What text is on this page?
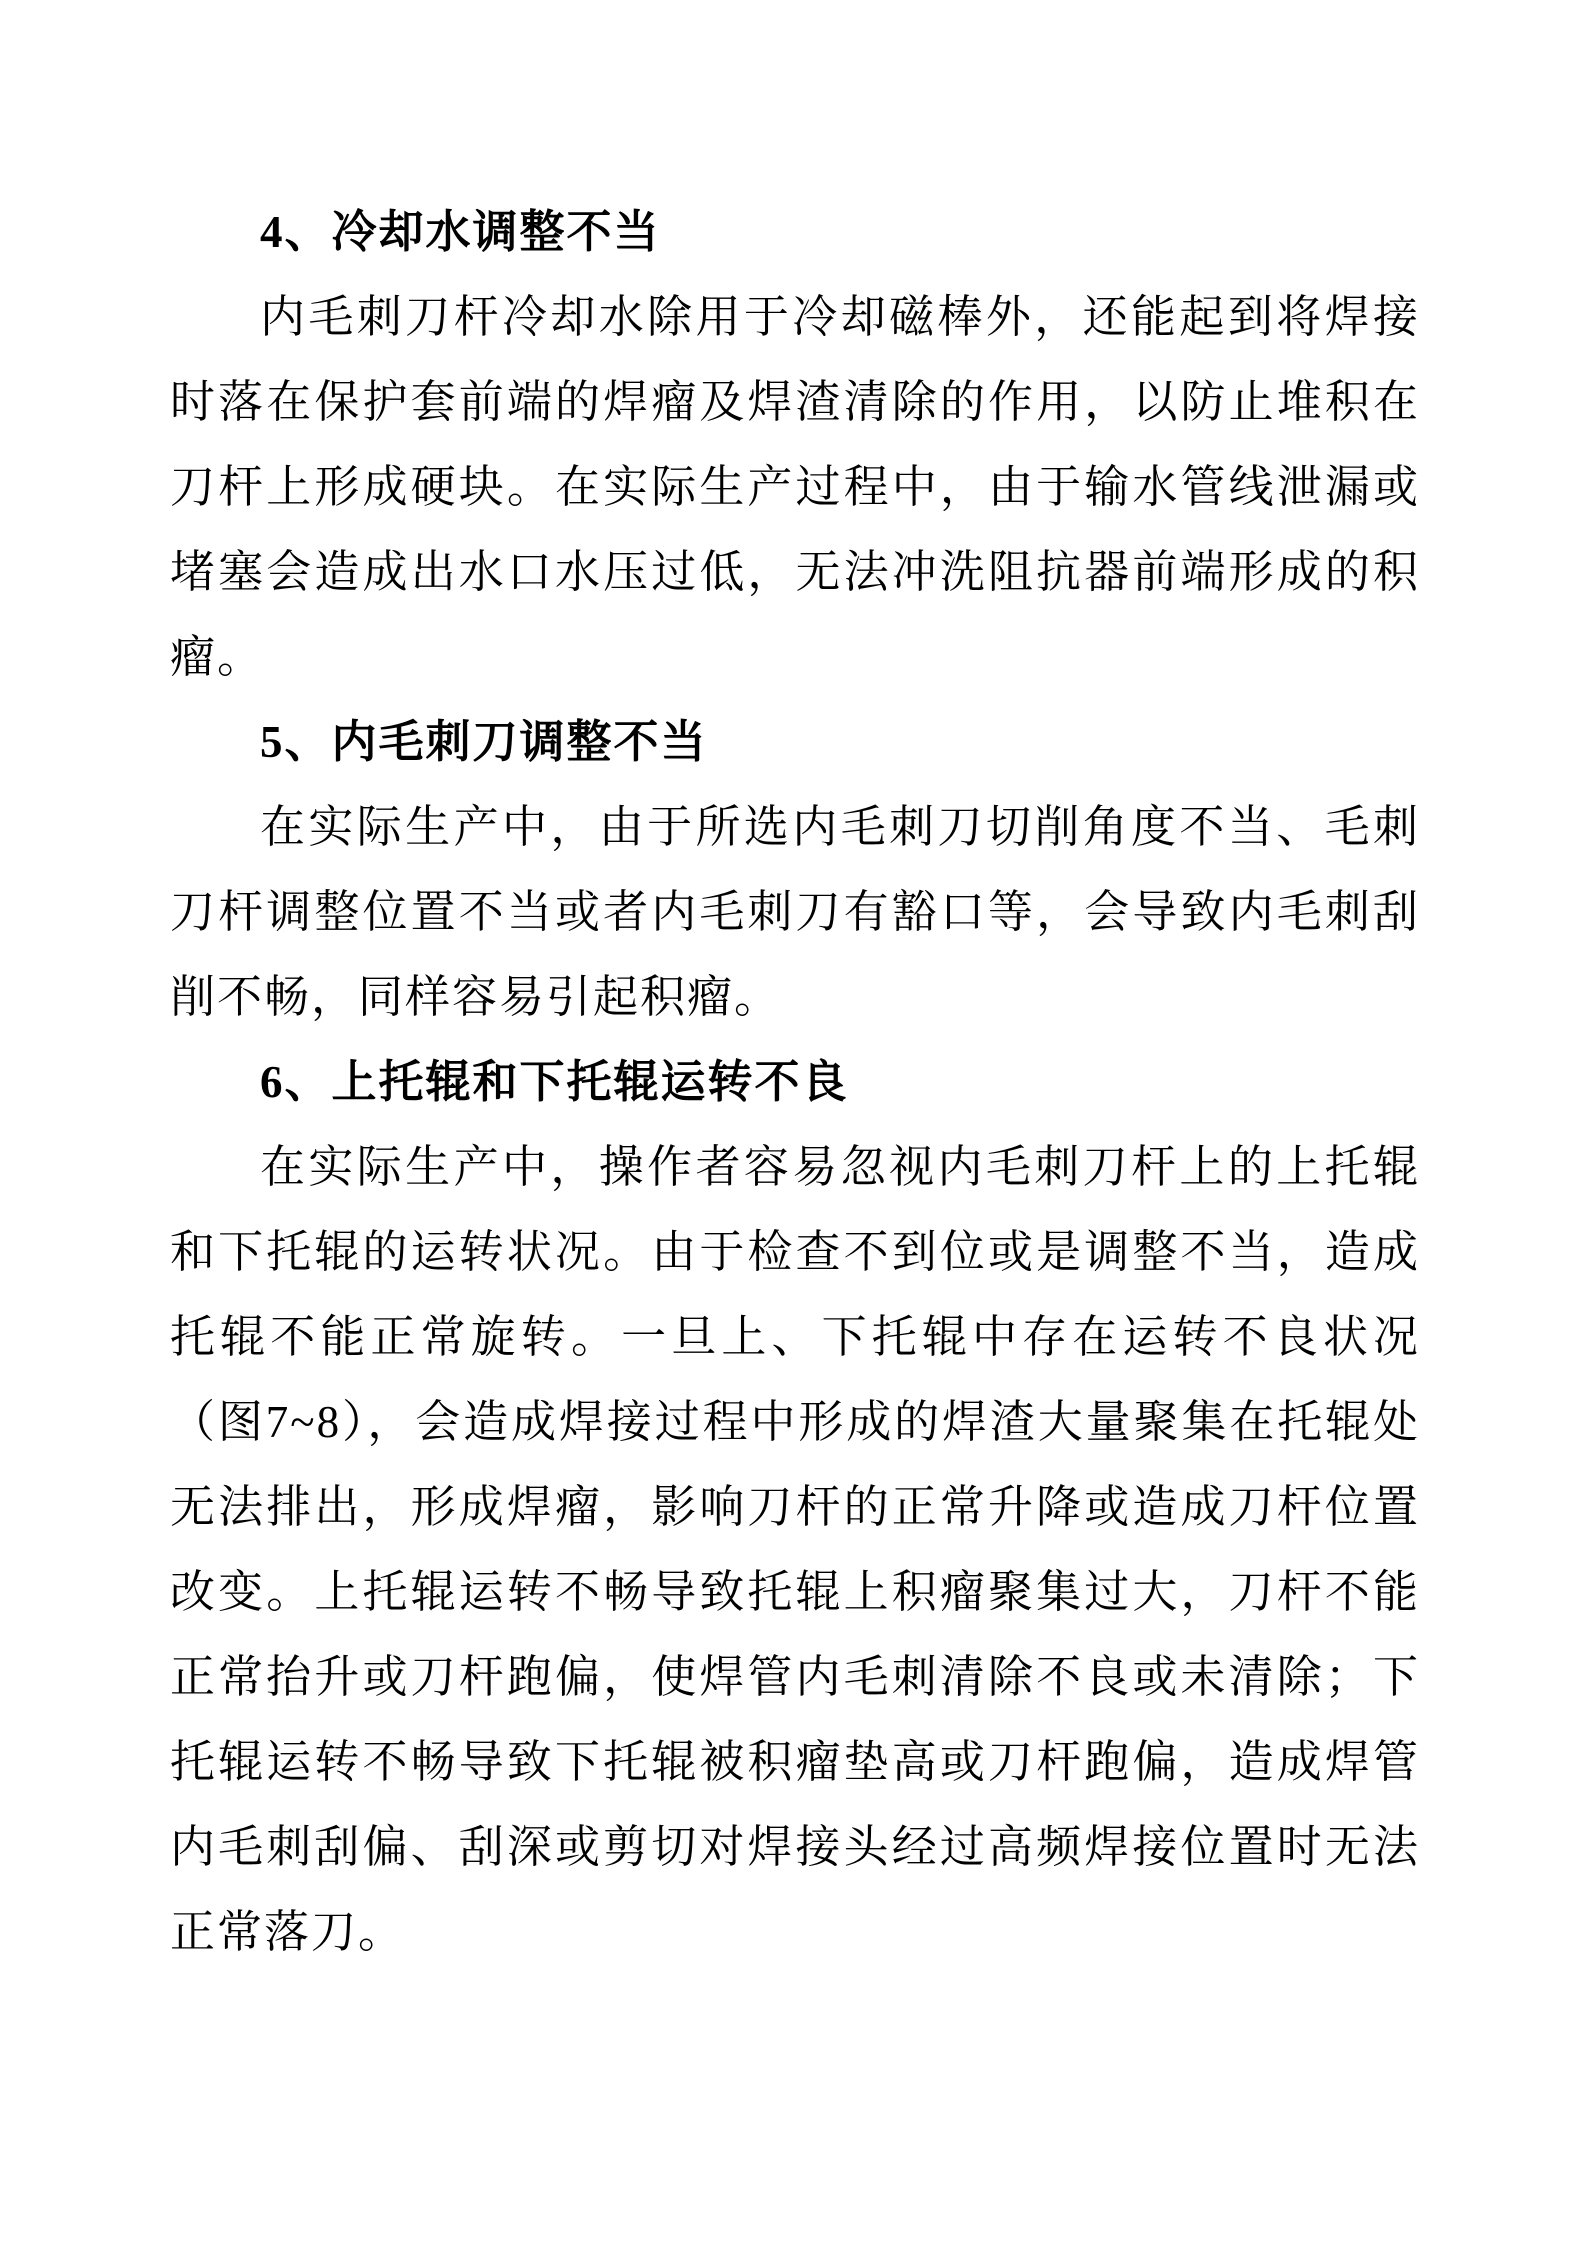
4、冷却水调整不当

内毛刺刀杆冷却水除用于冷却磁棒外，还能起到将焊接时落在保护套前端的焊瘤及焊渣清除的作用，以防止堆积在刀杆上形成硬块。在实际生产过程中，由于输水管线泄漏或堵塞会造成出水口水压过低，无法冲洗阻抗器前端形成的积瘤。

5、内毛刺刀调整不当

在实际生产中，由于所选内毛刺刀切削角度不当、毛刺刀杆调整位置不当或者内毛刺刀有豁口等，会导致内毛刺刮削不畅，同样容易引起积瘤。

6、上托辊和下托辊运转不良

在实际生产中，操作者容易忽视内毛刺刀杆上的上托辊和下托辊的运转状况。由于检查不到位或是调整不当，造成托辊不能正常旋转。一旦上、下托辊中存在运转不良状况（图7~8），会造成焊接过程中形成的焊渣大量聚集在托辊处无法排出，形成焊瘤，影响刀杆的正常升降或造成刀杆位置改变。上托辊运转不畅导致托辊上积瘤聚集过大，刀杆不能正常抬升或刀杆跑偏，使焊管内毛刺清除不良或未清除；下托辊运转不畅导致下托辊被积瘤垫高或刀杆跑偏，造成焊管内毛刺刮偏、刮深或剪切对焊接头经过高频焊接位置时无法正常落刀。
